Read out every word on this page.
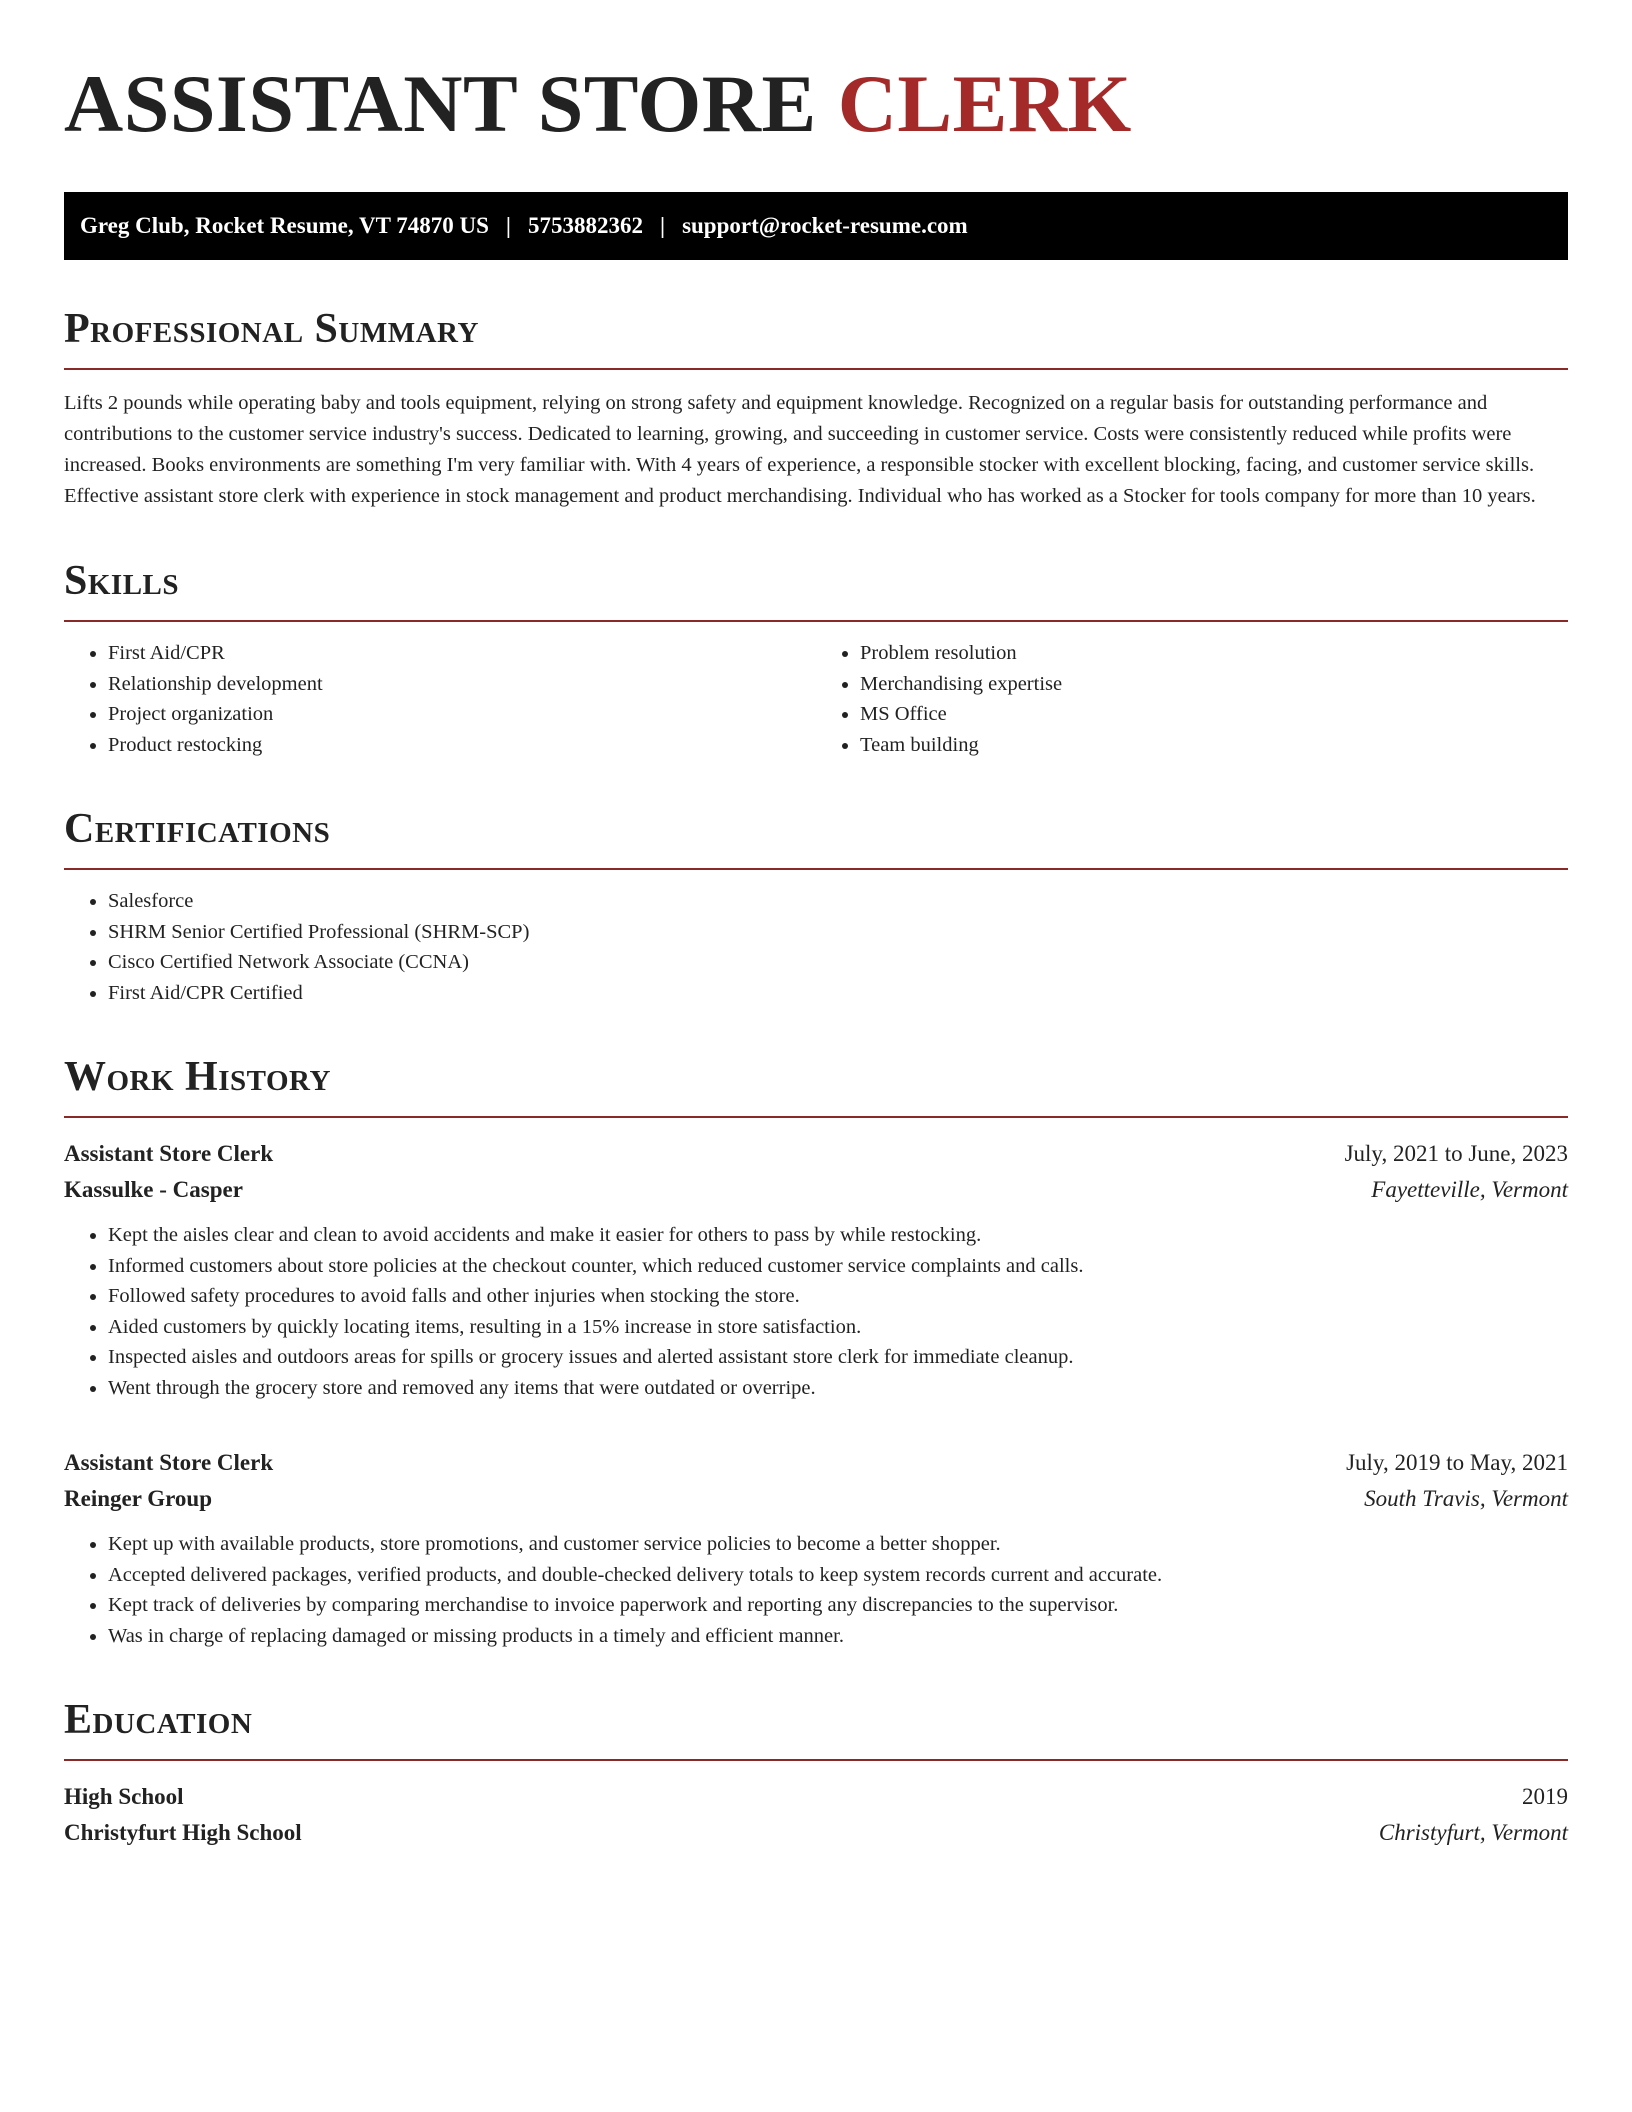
ASSISTANT STORE CLERK
Greg Club, Rocket Resume, VT 74870 US | 5753882362 | support@rocket-resume.com
Professional Summary

Lifts 2 pounds while operating baby and tools equipment, relying on strong safety and equipment knowledge. Recognized on a regular basis for outstanding performance and contributions to the customer service industry's success. Dedicated to learning, growing, and succeeding in customer service. Costs were consistently reduced while profits were increased. Books environments are something I'm very familiar with. With 4 years of experience, a responsible stocker with excellent blocking, facing, and customer service skills. Effective assistant store clerk with experience in stock management and product merchandising. Individual who has worked as a Stocker for tools company for more than 10 years.

Skills
• First Aid/CPR
• Relationship development
• Project organization
• Product restocking
• Problem resolution
• Merchandising expertise
• MS Office
• Team building
Certifications
• Salesforce
• SHRM Senior Certified Professional (SHRM-SCP)
• Cisco Certified Network Associate (CCNA)
• First Aid/CPR Certified
Work History
Assistant Store Clerk	July, 2021 to June, 2023
Kassulke - Casper	Fayetteville, Vermont
• Kept the aisles clear and clean to avoid accidents and make it easier for others to pass by while restocking.
• Informed customers about store policies at the checkout counter, which reduced customer service complaints and calls.
• Followed safety procedures to avoid falls and other injuries when stocking the store.
• Aided customers by quickly locating items, resulting in a 15% increase in store satisfaction.
• Inspected aisles and outdoors areas for spills or grocery issues and alerted assistant store clerk for immediate cleanup.
• Went through the grocery store and removed any items that were outdated or overripe.
Assistant Store Clerk	July, 2019 to May, 2021
Reinger Group	South Travis, Vermont
• Kept up with available products, store promotions, and customer service policies to become a better shopper.
• Accepted delivered packages, verified products, and double-checked delivery totals to keep system records current and accurate.
• Kept track of deliveries by comparing merchandise to invoice paperwork and reporting any discrepancies to the supervisor.
• Was in charge of replacing damaged or missing products in a timely and efficient manner.
Education
High School	2019
Christyfurt High School	Christyfurt, Vermont
